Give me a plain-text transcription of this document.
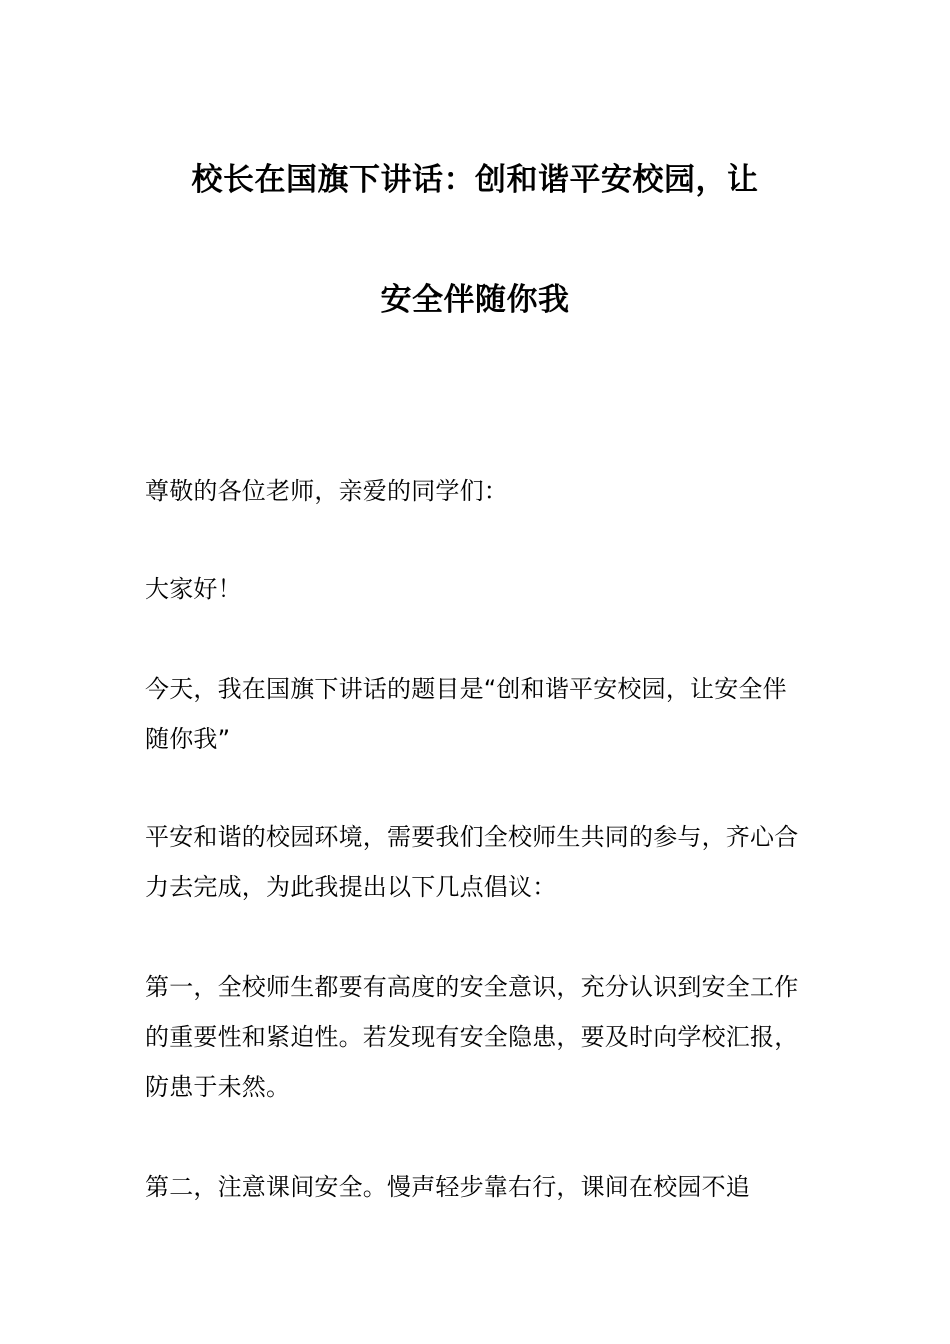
校长在国旗下讲话：创和谐平安校园，让
安全伴随你我

尊敬的各位老师，亲爱的同学们：

大家好！

今天，我在国旗下讲话的题目是“创和谐平安校园，让安全伴随你我”

平安和谐的校园环境，需要我们全校师生共同的参与，齐心合力去完成，为此我提出以下几点倡议：

第一，全校师生都要有高度的安全意识，充分认识到安全工作的重要性和紧迫性。若发现有安全隐患，要及时向学校汇报，防患于未然。

第二，注意课间安全。慢声轻步靠右行，课间在校园不追
